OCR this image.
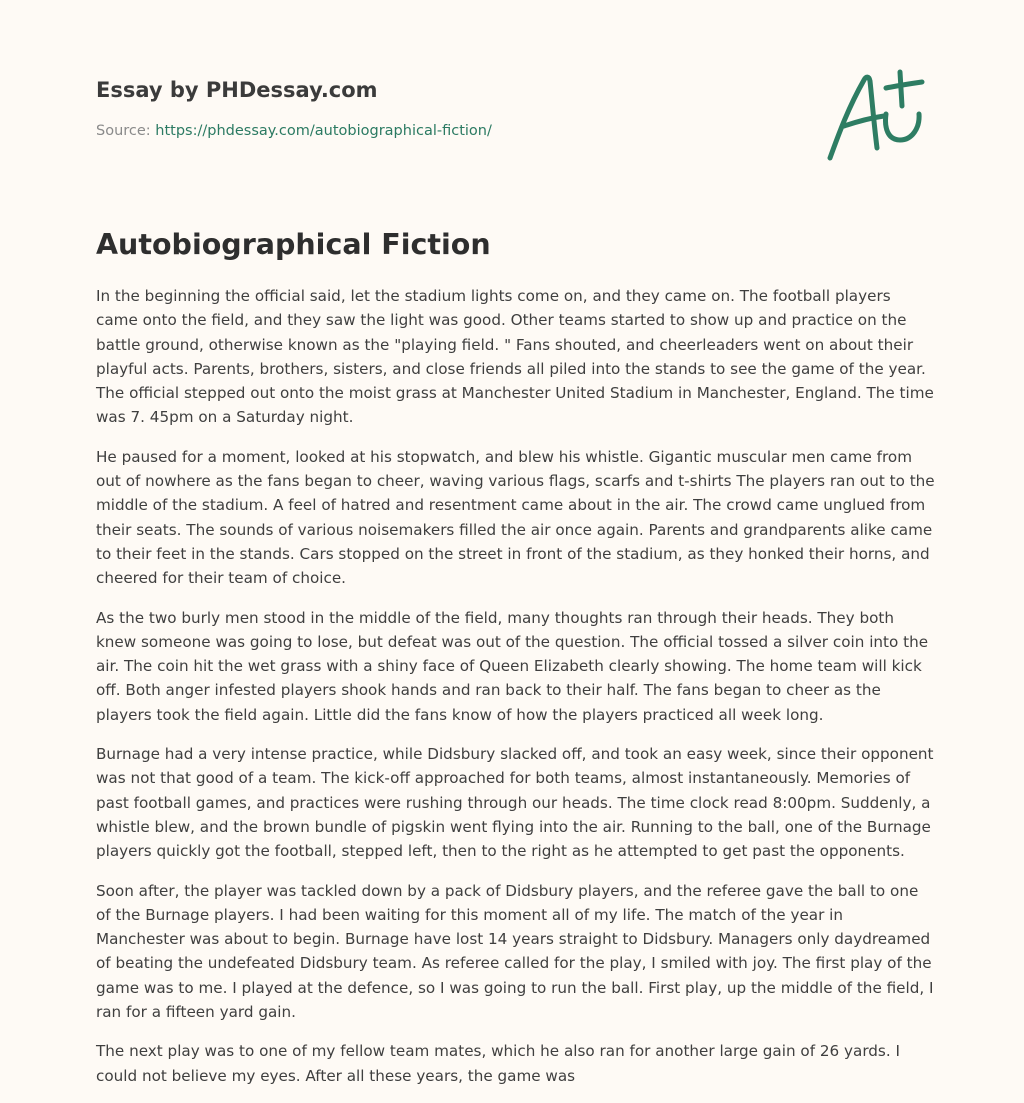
Essay by PHDessay.com
Source: https://phdessay.com/autobiographical-fiction/
Autobiographical Fiction

In the beginning the official said, let the stadium lights come on, and they came on. The football players came onto the field, and they saw the light was good. Other teams started to show up and practice on the battle ground, otherwise known as the "playing field. " Fans shouted, and cheerleaders went on about their playful acts. Parents, brothers, sisters, and close friends all piled into the stands to see the game of the year. The official stepped out onto the moist grass at Manchester United Stadium in Manchester, England. The time was 7. 45pm on a Saturday night.

He paused for a moment, looked at his stopwatch, and blew his whistle. Gigantic muscular men came from out of nowhere as the fans began to cheer, waving various flags, scarfs and t-shirts The players ran out to the middle of the stadium. A feel of hatred and resentment came about in the air. The crowd came unglued from their seats. The sounds of various noisemakers filled the air once again. Parents and grandparents alike came to their feet in the stands. Cars stopped on the street in front of the stadium, as they honked their horns, and cheered for their team of choice.

As the two burly men stood in the middle of the field, many thoughts ran through their heads. They both knew someone was going to lose, but defeat was out of the question. The official tossed a silver coin into the air. The coin hit the wet grass with a shiny face of Queen Elizabeth clearly showing. The home team will kick off. Both anger infested players shook hands and ran back to their half. The fans began to cheer as the players took the field again. Little did the fans know of how the players practiced all week long.

Burnage had a very intense practice, while Didsbury slacked off, and took an easy week, since their opponent was not that good of a team. The kick-off approached for both teams, almost instantaneously. Memories of past football games, and practices were rushing through our heads. The time clock read 8:00pm. Suddenly, a whistle blew, and the brown bundle of pigskin went flying into the air. Running to the ball, one of the Burnage players quickly got the football, stepped left, then to the right as he attempted to get past the opponents.

Soon after, the player was tackled down by a pack of Didsbury players, and the referee gave the ball to one of the Burnage players. I had been waiting for this moment all of my life. The match of the year in Manchester was about to begin. Burnage have lost 14 years straight to Didsbury. Managers only daydreamed of beating the undefeated Didsbury team. As referee called for the play, I smiled with joy. The first play of the game was to me. I played at the defence, so I was going to run the ball. First play, up the middle of the field, I ran for a fifteen yard gain.

The next play was to one of my fellow team mates, which he also ran for another large gain of 26 yards. I could not believe my eyes. After all these years, the game was
